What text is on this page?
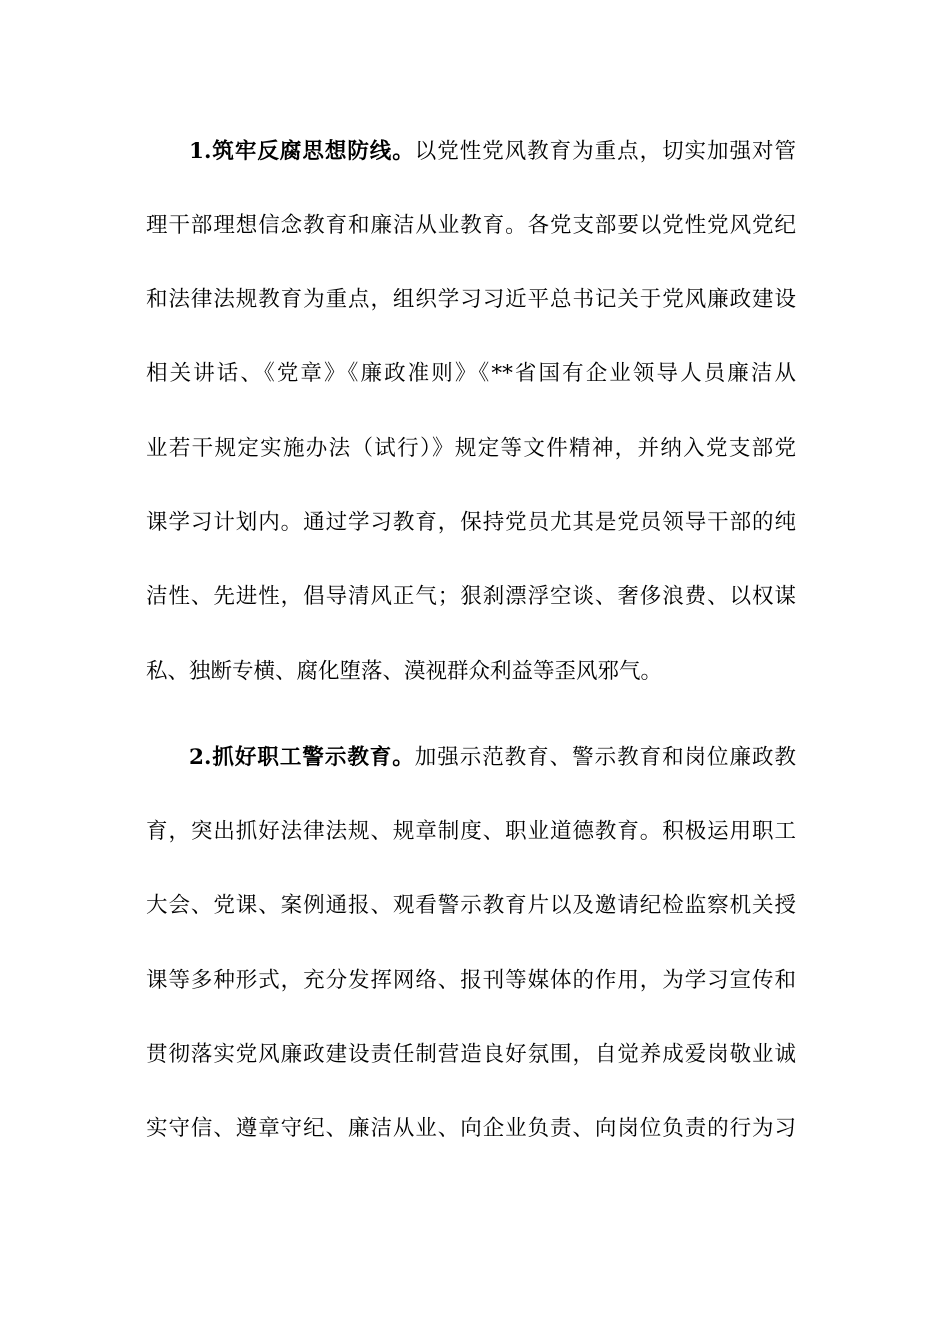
1.筑牢反腐思想防线。以党性党风教育为重点，切实加强对管
理干部理想信念教育和廉洁从业教育。各党支部要以党性党风党纪
和法律法规教育为重点，组织学习习近平总书记关于党风廉政建设
相关讲话、《党章》《廉政准则》《**省国有企业领导人员廉洁从
业若干规定实施办法（试行）》规定等文件精神，并纳入党支部党
课学习计划内。通过学习教育，保持党员尤其是党员领导干部的纯
洁性、先进性，倡导清风正气；狠刹漂浮空谈、奢侈浪费、以权谋
私、独断专横、腐化堕落、漠视群众利益等歪风邪气。
2.抓好职工警示教育。加强示范教育、警示教育和岗位廉政教
育，突出抓好法律法规、规章制度、职业道德教育。积极运用职工
大会、党课、案例通报、观看警示教育片以及邀请纪检监察机关授
课等多种形式，充分发挥网络、报刊等媒体的作用，为学习宣传和
贯彻落实党风廉政建设责任制营造良好氛围，自觉养成爱岗敬业诚
实守信、遵章守纪、廉洁从业、向企业负责、向岗位负责的行为习
